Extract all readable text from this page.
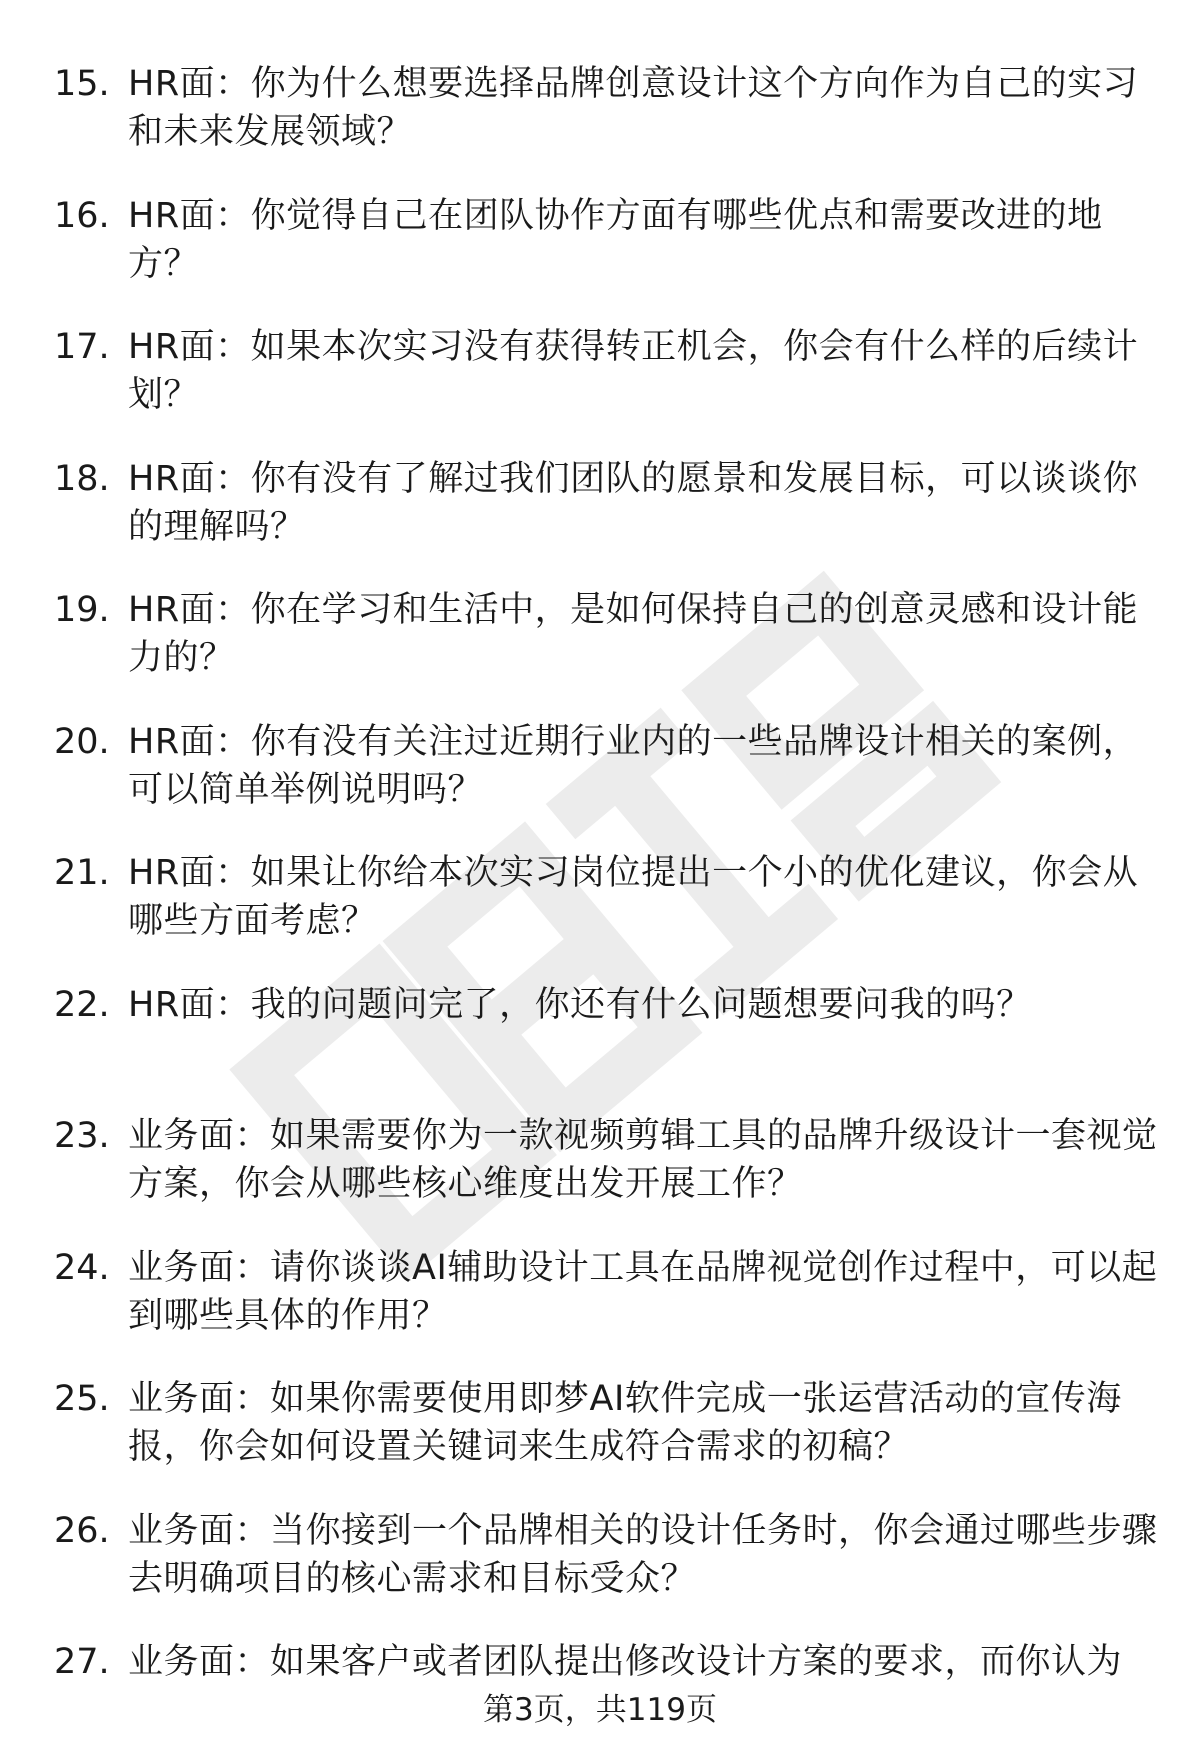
15. HR面：你为什么想要选择品牌创意设计这个方向作为自己的实习和未来发展领域？
16. HR面：你觉得自己在团队协作方面有哪些优点和需要改进的地方？
17. HR面：如果本次实习没有获得转正机会，你会有什么样的后续计划？
18. HR面：你有没有了解过我们团队的愿景和发展目标，可以谈谈你的理解吗？
19. HR面：你在学习和生活中，是如何保持自己的创意灵感和设计能力的？
20. HR面：你有没有关注过近期行业内的一些品牌设计相关的案例，可以简单举例说明吗？
21. HR面：如果让你给本次实习岗位提出一个小的优化建议，你会从哪些方面考虑？
22. HR面：我的问题问完了，你还有什么问题想要问我的吗？
23. 业务面：如果需要你为一款视频剪辑工具的品牌升级设计一套视觉方案，你会从哪些核心维度出发开展工作？
24. 业务面：请你谈谈AI辅助设计工具在品牌视觉创作过程中，可以起到哪些具体的作用？
25. 业务面：如果你需要使用即梦AI软件完成一张运营活动的宣传海报，你会如何设置关键词来生成符合需求的初稿？
26. 业务面：当你接到一个品牌相关的设计任务时，你会通过哪些步骤去明确项目的核心需求和目标受众？
27. 业务面：如果客户或者团队提出修改设计方案的要求，而你认为
第3页，共119页
